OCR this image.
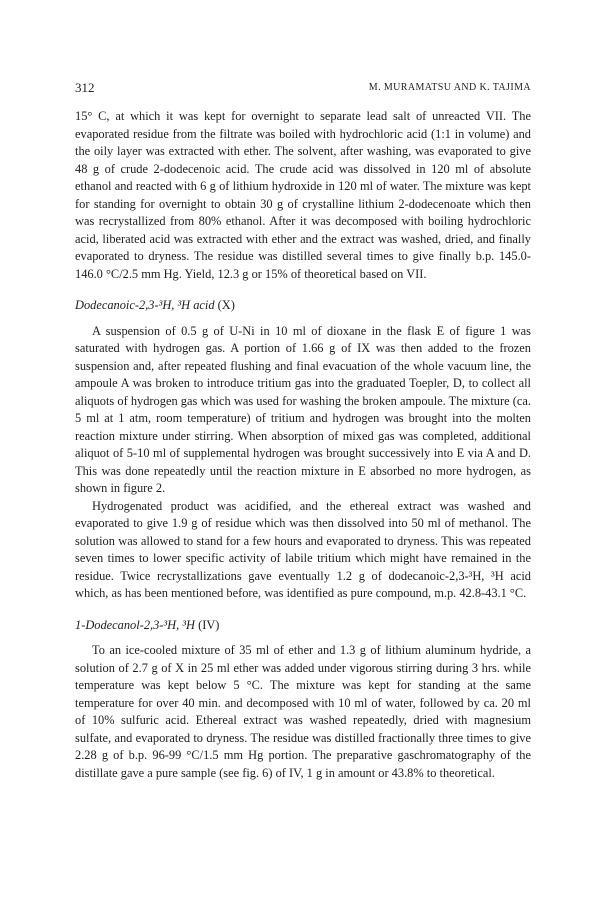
312	M. MURAMATSU AND K. TAJIMA

15° C, at which it was kept for overnight to separate lead salt of unreacted VII. The evaporated residue from the filtrate was boiled with hydrochloric acid (1:1 in volume) and the oily layer was extracted with ether. The solvent, after washing, was evaporated to give 48 g of crude 2-dodecenoic acid. The crude acid was dissolved in 120 ml of absolute ethanol and reacted with 6 g of lithium hydroxide in 120 ml of water. The mixture was kept for standing for overnight to obtain 30 g of crystalline lithium 2-dodecenoate which then was recrystallized from 80% ethanol. After it was decomposed with boiling hydrochloric acid, liberated acid was extracted with ether and the extract was washed, dried, and finally evaporated to dryness. The residue was distilled several times to give finally b.p. 145.0-146.0 °C/2.5 mm Hg. Yield, 12.3 g or 15% of theoretical based on VII.

Dodecanoic-2,3-³H, ³H acid (X)

A suspension of 0.5 g of U-Ni in 10 ml of dioxane in the flask E of figure 1 was saturated with hydrogen gas. A portion of 1.66 g of IX was then added to the frozen suspension and, after repeated flushing and final evacuation of the whole vacuum line, the ampoule A was broken to introduce tritium gas into the graduated Toepler, D, to collect all aliquots of hydrogen gas which was used for washing the broken ampoule. The mixture (ca. 5 ml at 1 atm, room temperature) of tritium and hydrogen was brought into the molten reaction mixture under stirring. When absorption of mixed gas was completed, additional aliquot of 5-10 ml of supplemental hydrogen was brought successively into E via A and D. This was done repeatedly until the reaction mixture in E absorbed no more hydrogen, as shown in figure 2.

Hydrogenated product was acidified, and the ethereal extract was washed and evaporated to give 1.9 g of residue which was then dissolved into 50 ml of methanol. The solution was allowed to stand for a few hours and evaporated to dryness. This was repeated seven times to lower specific activity of labile tritium which might have remained in the residue. Twice recrystallizations gave eventually 1.2 g of dodecanoic-2,3-³H, ³H acid which, as has been mentioned before, was identified as pure compound, m.p. 42.8-43.1 °C.

1-Dodecanol-2,3-³H, ³H (IV)

To an ice-cooled mixture of 35 ml of ether and 1.3 g of lithium aluminum hydride, a solution of 2.7 g of X in 25 ml ether was added under vigorous stirring during 3 hrs. while temperature was kept below 5 °C. The mixture was kept for standing at the same temperature for over 40 min. and decomposed with 10 ml of water, followed by ca. 20 ml of 10% sulfuric acid. Ethereal extract was washed repeatedly, dried with magnesium sulfate, and evaporated to dryness. The residue was distilled fractionally three times to give 2.28 g of b.p. 96-99 °C/1.5 mm Hg portion. The preparative gaschromatography of the distillate gave a pure sample (see fig. 6) of IV, 1 g in amount or 43.8% to theoretical.
